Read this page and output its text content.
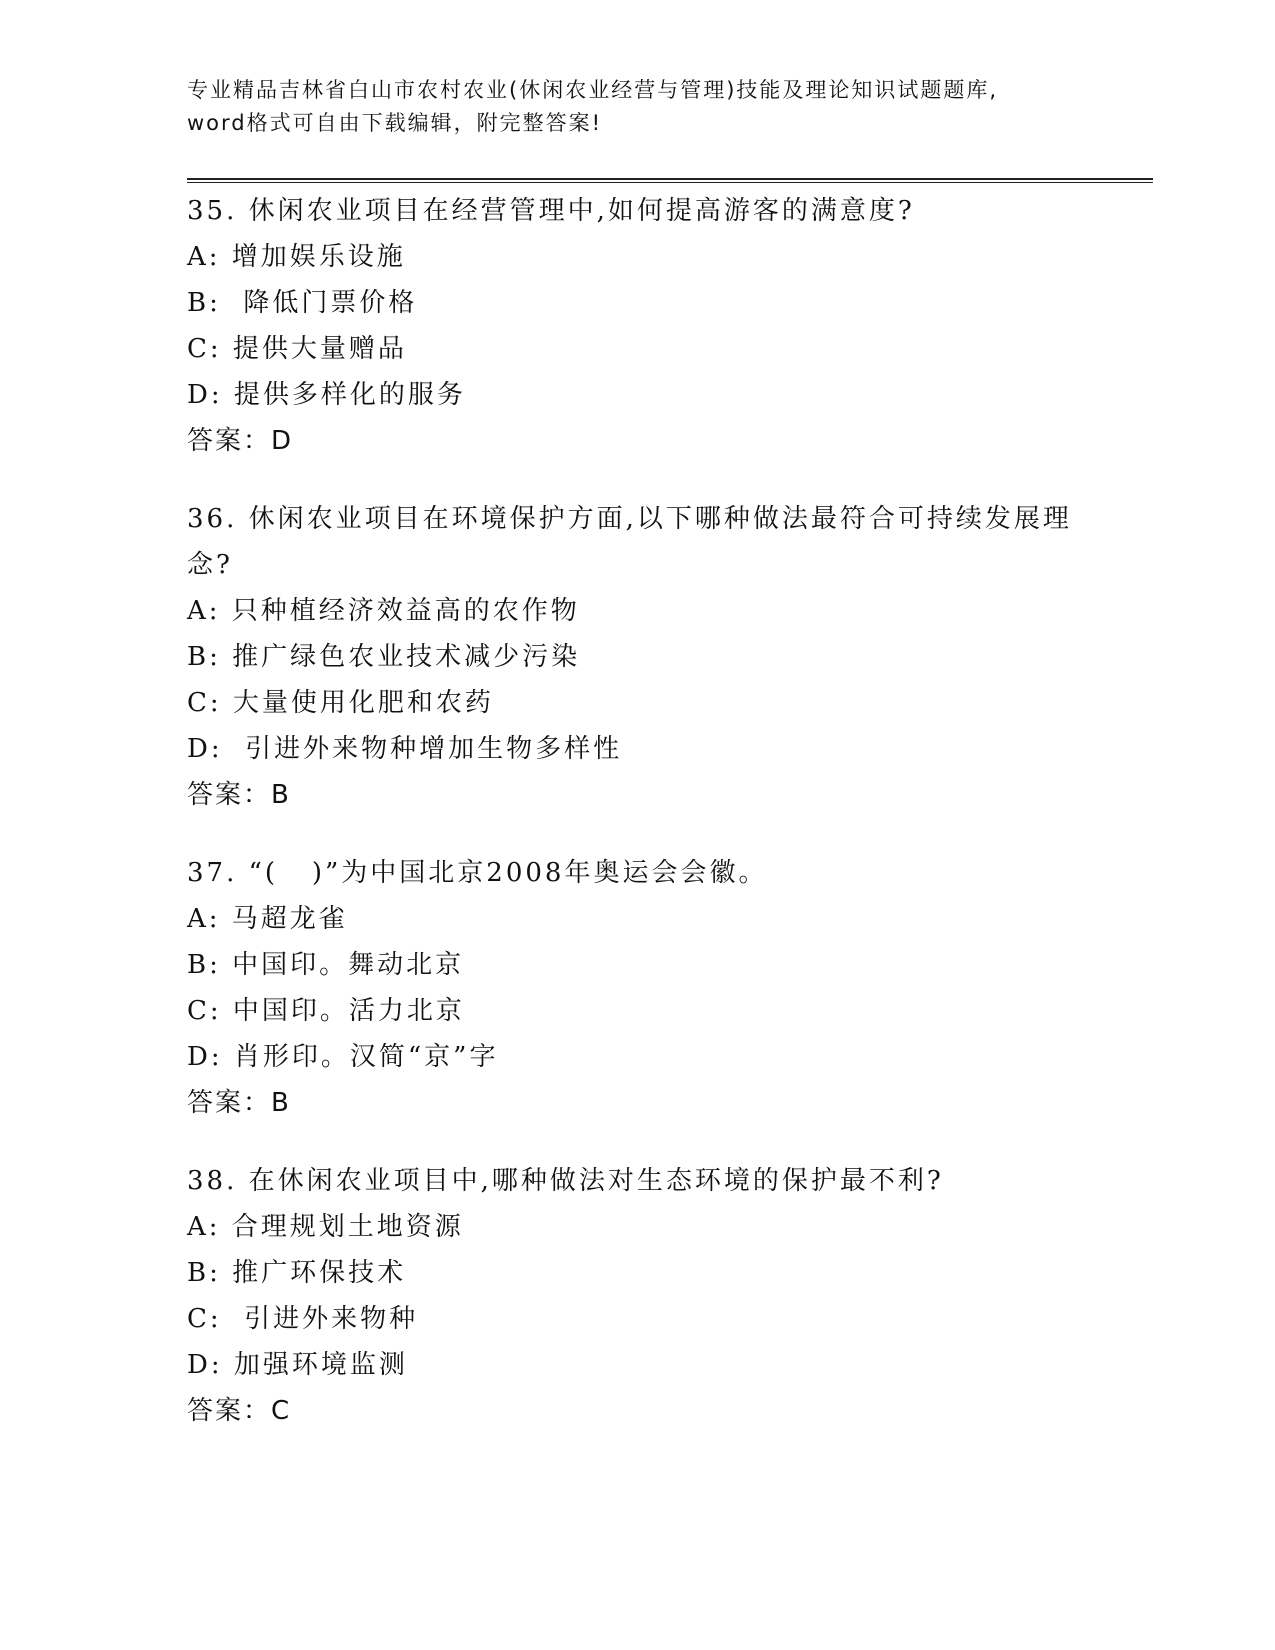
专业精品吉林省白山市农村农业(休闲农业经营与管理)技能及理论知识试题题库,
word格式可自由下载编辑，附完整答案!
35. 休闲农业项目在经营管理中,如何提高游客的满意度?
A: 增加娱乐设施
B:  降低门票价格
C: 提供大量赠品
D: 提供多样化的服务
答案：D
36. 休闲农业项目在环境保护方面,以下哪种做法最符合可持续发展理念?
A: 只种植经济效益高的农作物
B: 推广绿色农业技术减少污染
C: 大量使用化肥和农药
D:  引进外来物种增加生物多样性
答案：B
37. “(   )”为中国北京2008年奥运会会徽。
A: 马超龙雀
B: 中国印。舞动北京
C: 中国印。活力北京
D: 肖形印。汉简“京”字
答案：B
38. 在休闲农业项目中,哪种做法对生态环境的保护最不利?
A: 合理规划土地资源
B: 推广环保技术
C:  引进外来物种
D: 加强环境监测
答案：C
